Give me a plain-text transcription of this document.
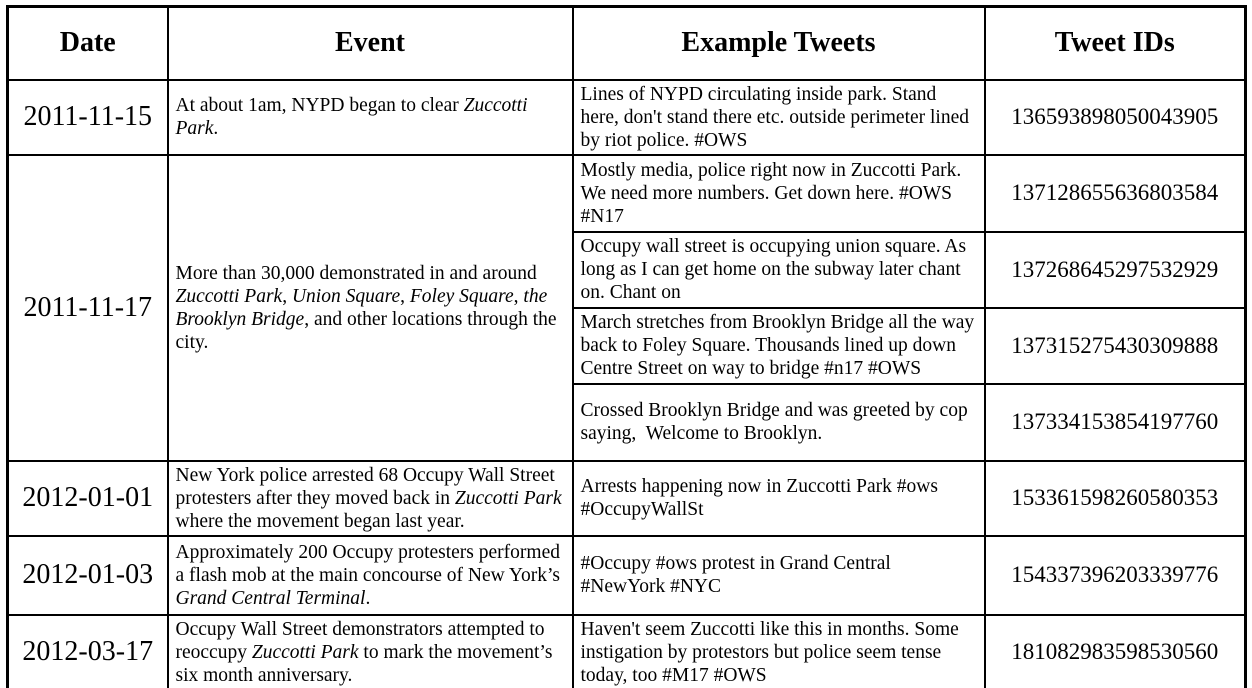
Date	Event	Example Tweets	Tweet IDs
2011-11-15	At about 1am, NYPD began to clear Zuccotti Park.	Lines of NYPD circulating inside park. Stand here, don't stand there etc. outside perimeter lined by riot police. #OWS	136593898050043905
2011-11-17	More than 30,000 demonstrated in and around Zuccotti Park, Union Square, Foley Square, the Brooklyn Bridge, and other locations through the city.	Mostly media, police right now in Zuccotti Park. We need more numbers. Get down here. #OWS #N17	137128655636803584
		Occupy wall street is occupying union square. As long as I can get home on the subway later chant on. Chant on	137268645297532929
		March stretches from Brooklyn Bridge all the way back to Foley Square. Thousands lined up down Centre Street on way to bridge #n17 #OWS	137315275430309888
		Crossed Brooklyn Bridge and was greeted by cop saying,  Welcome to Brooklyn.	137334153854197760
2012-01-01	New York police arrested 68 Occupy Wall Street protesters after they moved back in Zuccotti Park where the movement began last year.	Arrests happening now in Zuccotti Park #ows #OccupyWallSt	153361598260580353
2012-01-03	Approximately 200 Occupy protesters performed a flash mob at the main concourse of New York’s Grand Central Terminal.	#Occupy #ows protest in Grand Central #NewYork #NYC	154337396203339776
2012-03-17	Occupy Wall Street demonstrators attempted to reoccupy Zuccotti Park to mark the movement’s six month anniversary.	Haven't seem Zuccotti like this in months. Some instigation by protestors but police seem tense today, too #M17 #OWS	181082983598530560
